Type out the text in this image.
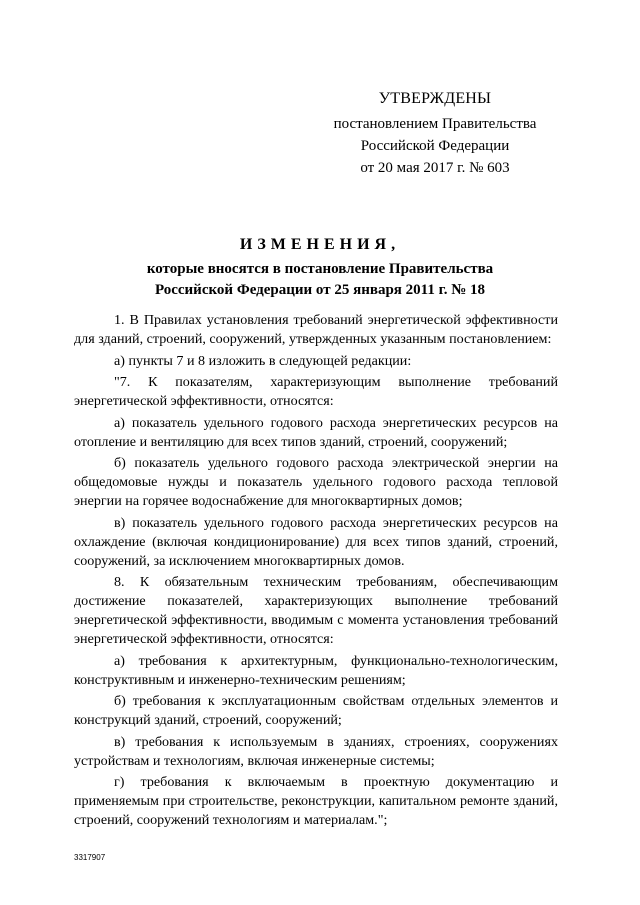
УТВЕРЖДЕНЫ
постановлением Правительства
Российской Федерации
от 20 мая 2017 г. № 603
ИЗМЕНЕНИЯ,
которые вносятся в постановление Правительства
Российской Федерации от 25 января 2011 г. № 18

1. В Правилах установления требований энергетической эффективности для зданий, строений, сооружений, утвержденных указанным постановлением:

а) пункты 7 и 8 изложить в следующей редакции:

"7. К показателям, характеризующим выполнение требований энергетической эффективности, относятся:

а) показатель удельного годового расхода энергетических ресурсов на отопление и вентиляцию для всех типов зданий, строений, сооружений;

б) показатель удельного годового расхода электрической энергии на общедомовые нужды и показатель удельного годового расхода тепловой энергии на горячее водоснабжение для многоквартирных домов;

в) показатель удельного годового расхода энергетических ресурсов на охлаждение (включая кондиционирование) для всех типов зданий, строений, сооружений, за исключением многоквартирных домов.

8. К обязательным техническим требованиям, обеспечивающим достижение показателей, характеризующих выполнение требований энергетической эффективности, вводимым с момента установления требований энергетической эффективности, относятся:

а) требования к архитектурным, функционально-технологическим, конструктивным и инженерно-техническим решениям;

б) требования к эксплуатационным свойствам отдельных элементов и конструкций зданий, строений, сооружений;

в) требования к используемым в зданиях, строениях, сооружениях устройствам и технологиям, включая инженерные системы;

г) требования к включаемым в проектную документацию и применяемым при строительстве, реконструкции, капитальном ремонте зданий, строений, сооружений технологиям и материалам.";

3317907
